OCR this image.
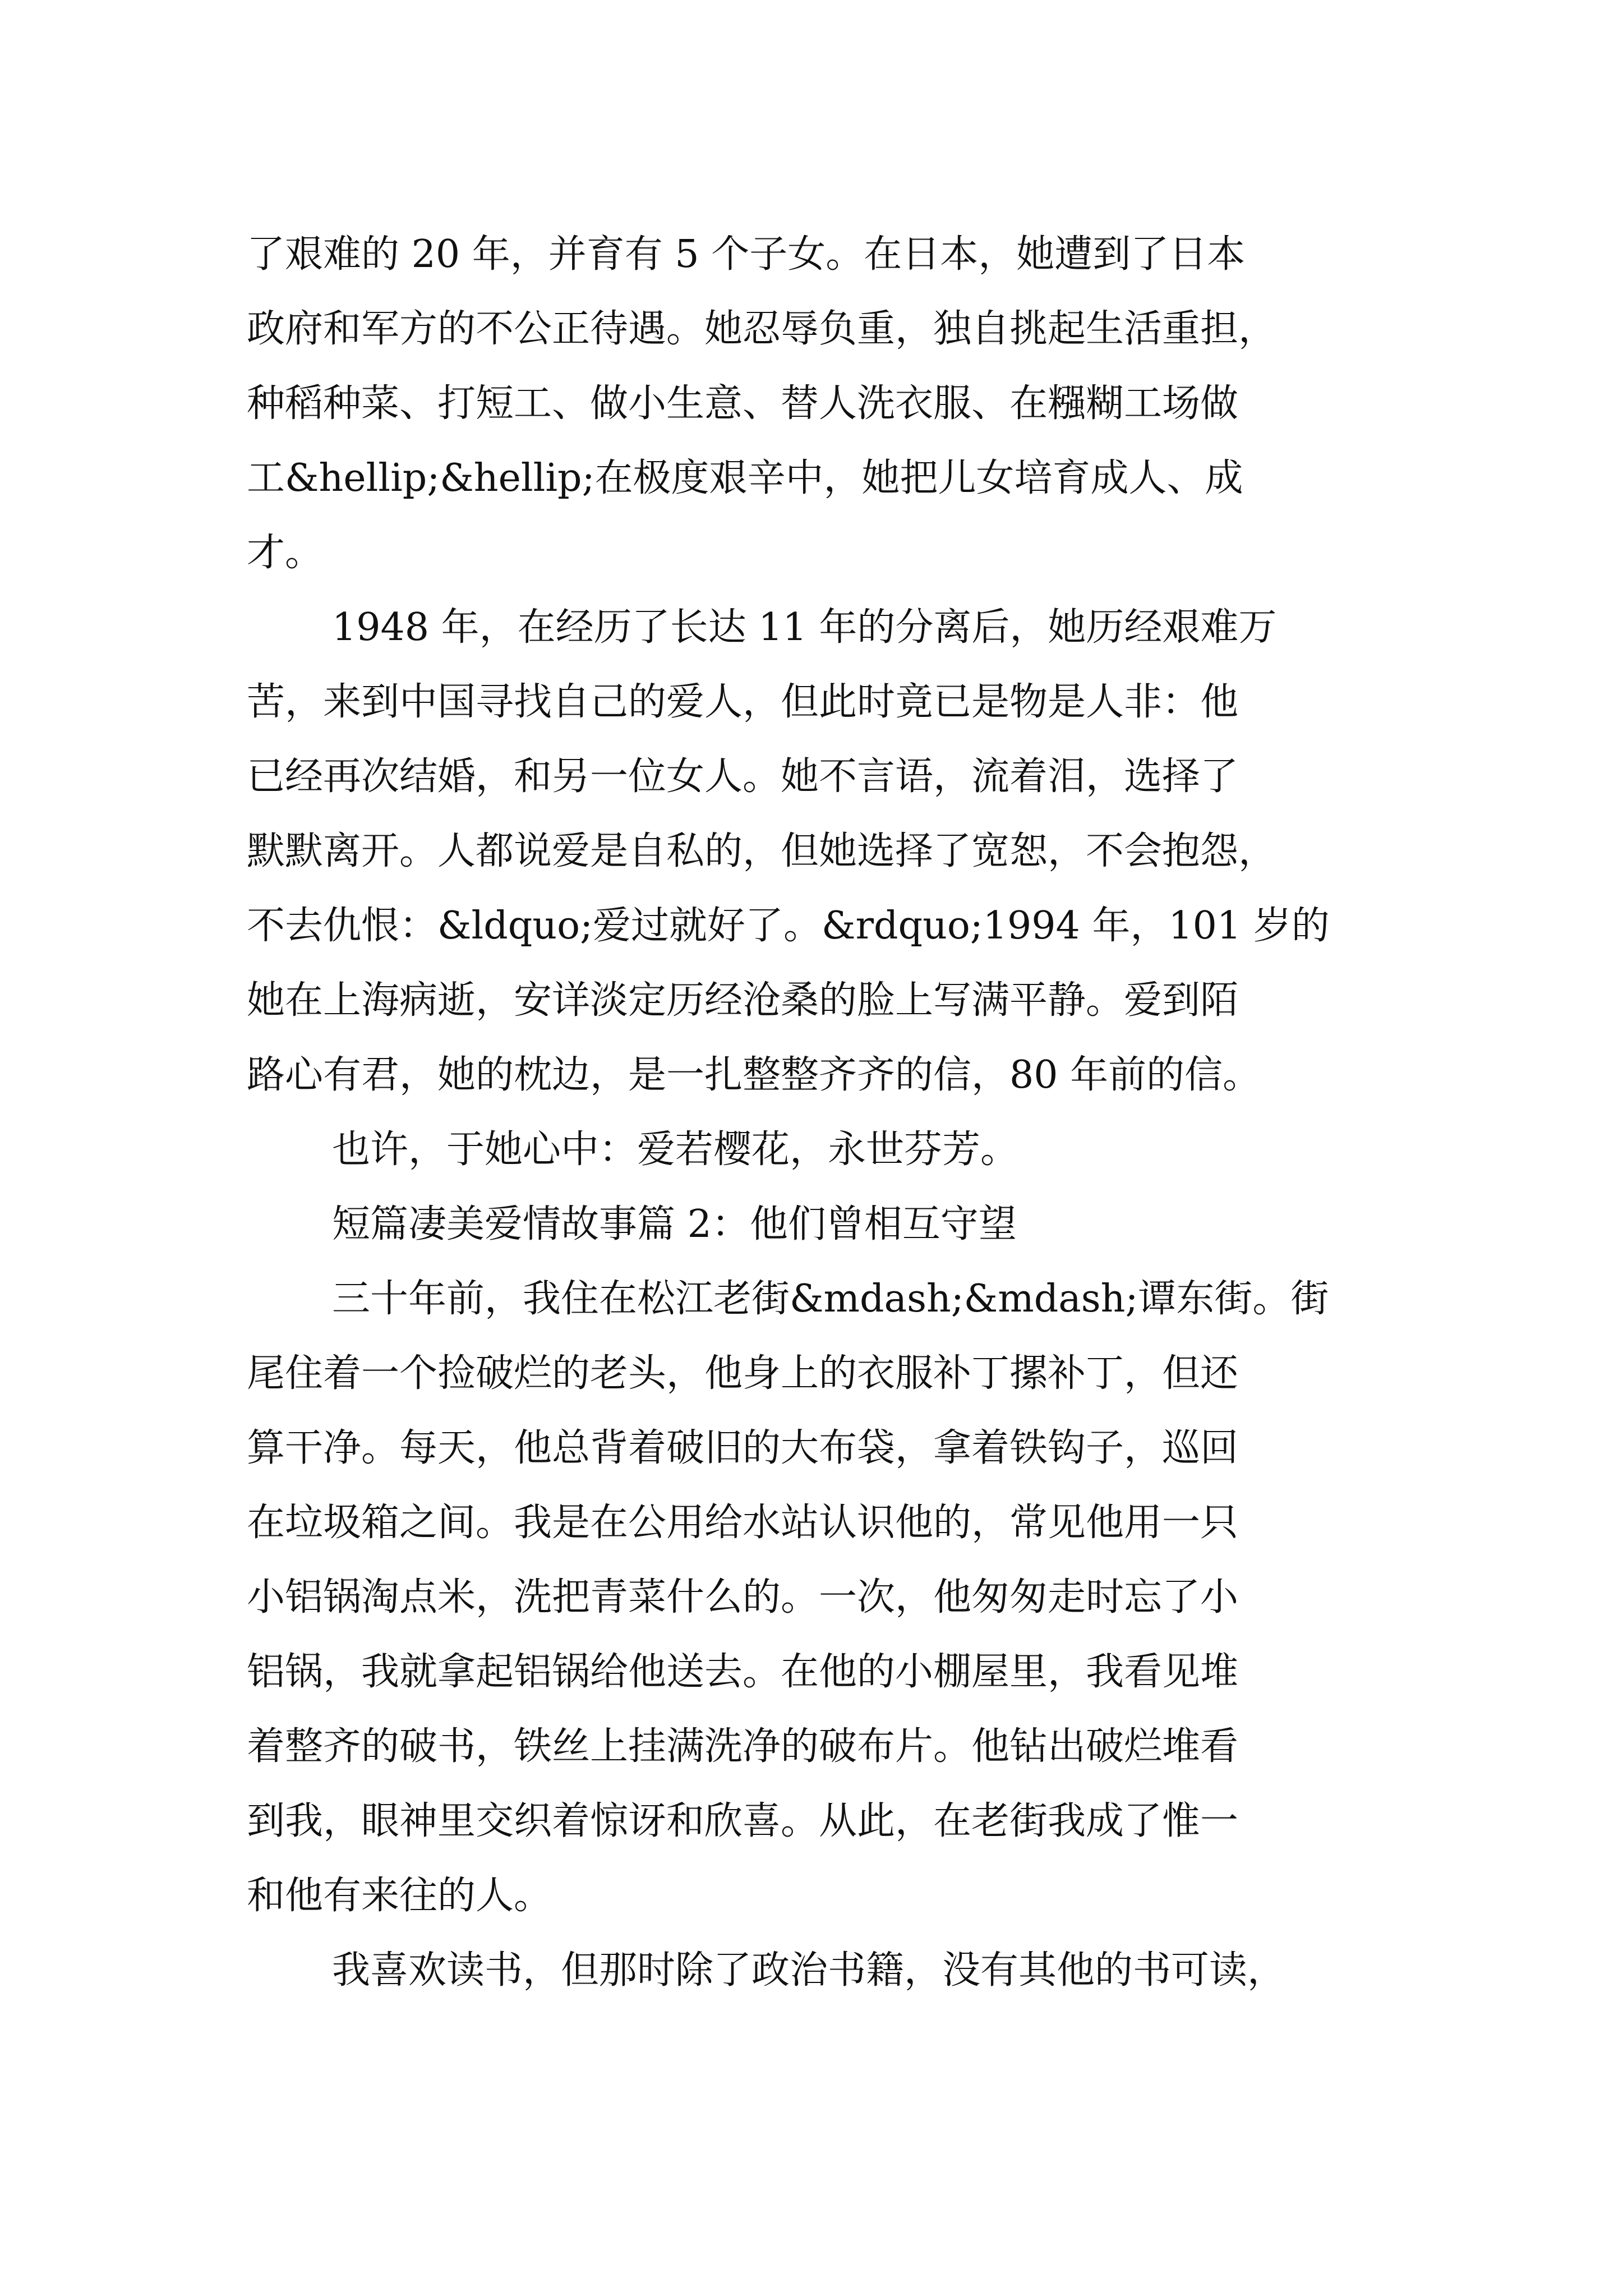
了艰难的 20 年，并育有 5 个子女。在日本，她遭到了日本
政府和军方的不公正待遇。她忍辱负重，独自挑起生活重担，
种稻种菜、打短工、做小生意、替人洗衣服、在糨糊工场做
工&hellip;&hellip;在极度艰辛中，她把儿女培育成人、成
才。
1948 年，在经历了长达 11 年的分离后，她历经艰难万
苦，来到中国寻找自己的爱人，但此时竟已是物是人非：他
已经再次结婚，和另一位女人。她不言语，流着泪，选择了
默默离开。人都说爱是自私的，但她选择了宽恕，不会抱怨，
不去仇恨：&ldquo;爱过就好了。&rdquo;1994 年，101 岁的
她在上海病逝，安详淡定历经沧桑的脸上写满平静。爱到陌
路心有君，她的枕边，是一扎整整齐齐的信，80 年前的信。
也许，于她心中：爱若樱花，永世芬芳。
短篇凄美爱情故事篇 2：他们曾相互守望
三十年前，我住在松江老街&mdash;&mdash;谭东街。街
尾住着一个捡破烂的老头，他身上的衣服补丁摞补丁，但还
算干净。每天，他总背着破旧的大布袋，拿着铁钩子，巡回
在垃圾箱之间。我是在公用给水站认识他的，常见他用一只
小铝锅淘点米，洗把青菜什么的。一次，他匆匆走时忘了小
铝锅，我就拿起铝锅给他送去。在他的小棚屋里，我看见堆
着整齐的破书，铁丝上挂满洗净的破布片。他钻出破烂堆看
到我，眼神里交织着惊讶和欣喜。从此，在老街我成了惟一
和他有来往的人。
我喜欢读书，但那时除了政治书籍，没有其他的书可读，
